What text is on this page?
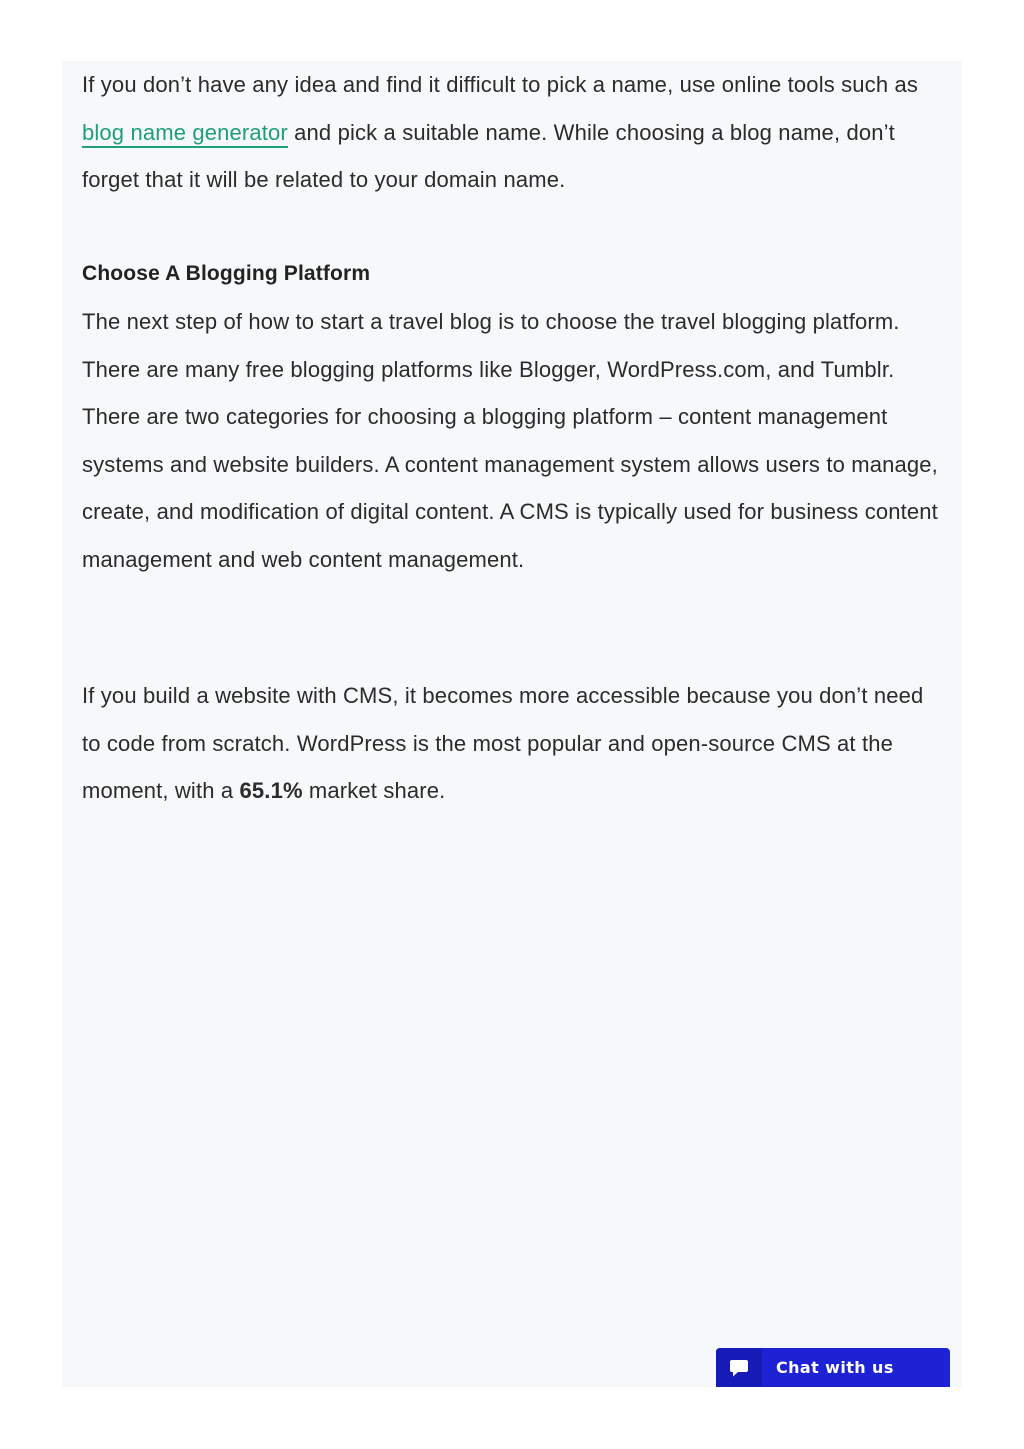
If you don’t have any idea and find it difficult to pick a name, use online tools such as blog name generator and pick a suitable name. While choosing a blog name, don’t forget that it will be related to your domain name.

Choose A Blogging Platform

The next step of how to start a travel blog is to choose the travel blogging platform. There are many free blogging platforms like Blogger, WordPress.com, and Tumblr. There are two categories for choosing a blogging platform – content management systems and website builders. A content management system allows users to manage, create, and modification of digital content. A CMS is typically used for business content management and web content management.

If you build a website with CMS, it becomes more accessible because you don’t need to code from scratch. WordPress is the most popular and open-source CMS at the moment, with a 65.1% market share.

Chat with us
